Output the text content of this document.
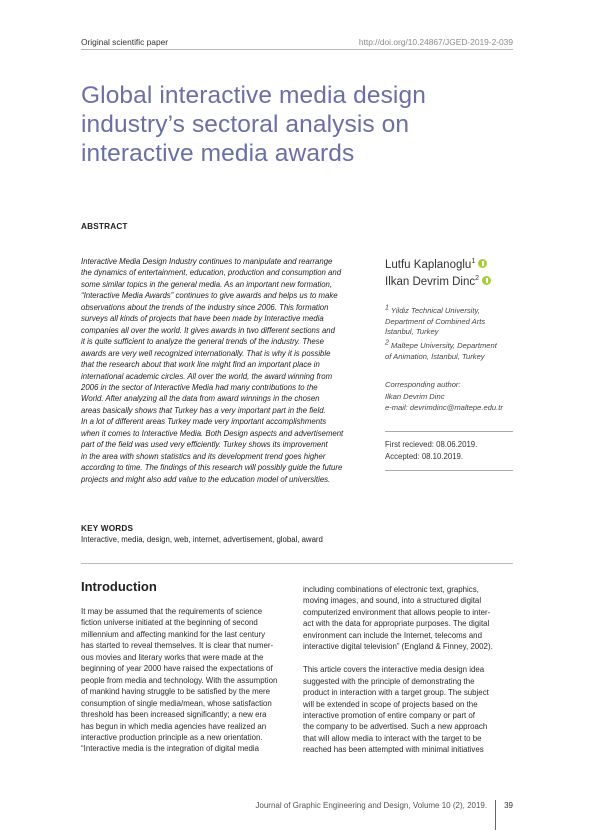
Original scientific paper	http://doi.org/10.24867/JGED-2019-2-039
Global interactive media design industry’s sectoral analysis on interactive media awards
ABSTRACT
Interactive Media Design Industry continues to manipulate and rearrange
the dynamics of entertainment, education, production and consumption and
some similar topics in the general media. As an important new formation,
“Interactive Media Awards” continues to give awards and helps us to make
observations about the trends of the industry since 2006. This formation
surveys all kinds of projects that have been made by Interactive media
companies all over the world. It gives awards in two different sections and
it is quite sufficient to analyze the general trends of the industry. These
awards are very well recognized internationally. That is why it is possible
that the research about that work line might find an important place in
international academic circles. All over the world, the award winning from
2006 in the sector of Interactive Media had many contributions to the
World. After analyzing all the data from award winnings in the chosen
areas basically shows that Turkey has a very important part in the field.
In a lot of different areas Turkey made very important accomplishments
when it comes to Interactive Media. Both Design aspects and advertisement
part of the field was used very efficiently. Turkey shows its improvement
in the area with shown statistics and its development trend goes higher
according to time. The findings of this research will possibly guide the future
projects and might also add value to the education model of universities.
Lutfu Kaplanoglu$^1$
Ilkan Devrim Dinc$^2$
$^1$ Yildiz Technical University,
Department of Combined Arts
İstanbul, Turkey
$^2$ Maltepe University, Department
of Animation, İstanbul, Turkey
Corresponding author:
Ilkan Devrim Dinc
e-mail: devrimdinc@maltepe.edu.tr
First recieved: 08.06.2019.
Accepted: 08.10.2019.
KEY WORDS
Interactive, media, design, web, internet, advertisement, global, award
Introduction

It may be assumed that the requirements of science
fiction universe initiated at the beginning of second
millennium and affecting mankind for the last century
has started to reveal themselves. It is clear that numer-
ous movies and literary works that were made at the
beginning of year 2000 have raised the expectations of
people from media and technology. With the assumption
of mankind having struggle to be satisfied by the mere
consumption of single media/mean, whose satisfaction
threshold has been increased significantly; a new era
has begun in which media agencies have realized an
interactive production principle as a new orientation.
“Interactive media is the integration of digital media

including combinations of electronic text, graphics,
moving images, and sound, into a structured digital
computerized environment that allows people to inter-
act with the data for appropriate purposes. The digital
environment can include the Internet, telecoms and
interactive digital television” (England & Finney, 2002).

This article covers the interactive media design idea
suggested with the principle of demonstrating the
product in interaction with a target group. The subject
will be extended in scope of projects based on the
interactive promotion of entire company or part of
the company to be advertised. Such a new approach
that will allow media to interact with the target to be
reached has been attempted with minimal initiatives

Journal of Graphic Engineering and Design, Volume 10 (2), 2019. 39
